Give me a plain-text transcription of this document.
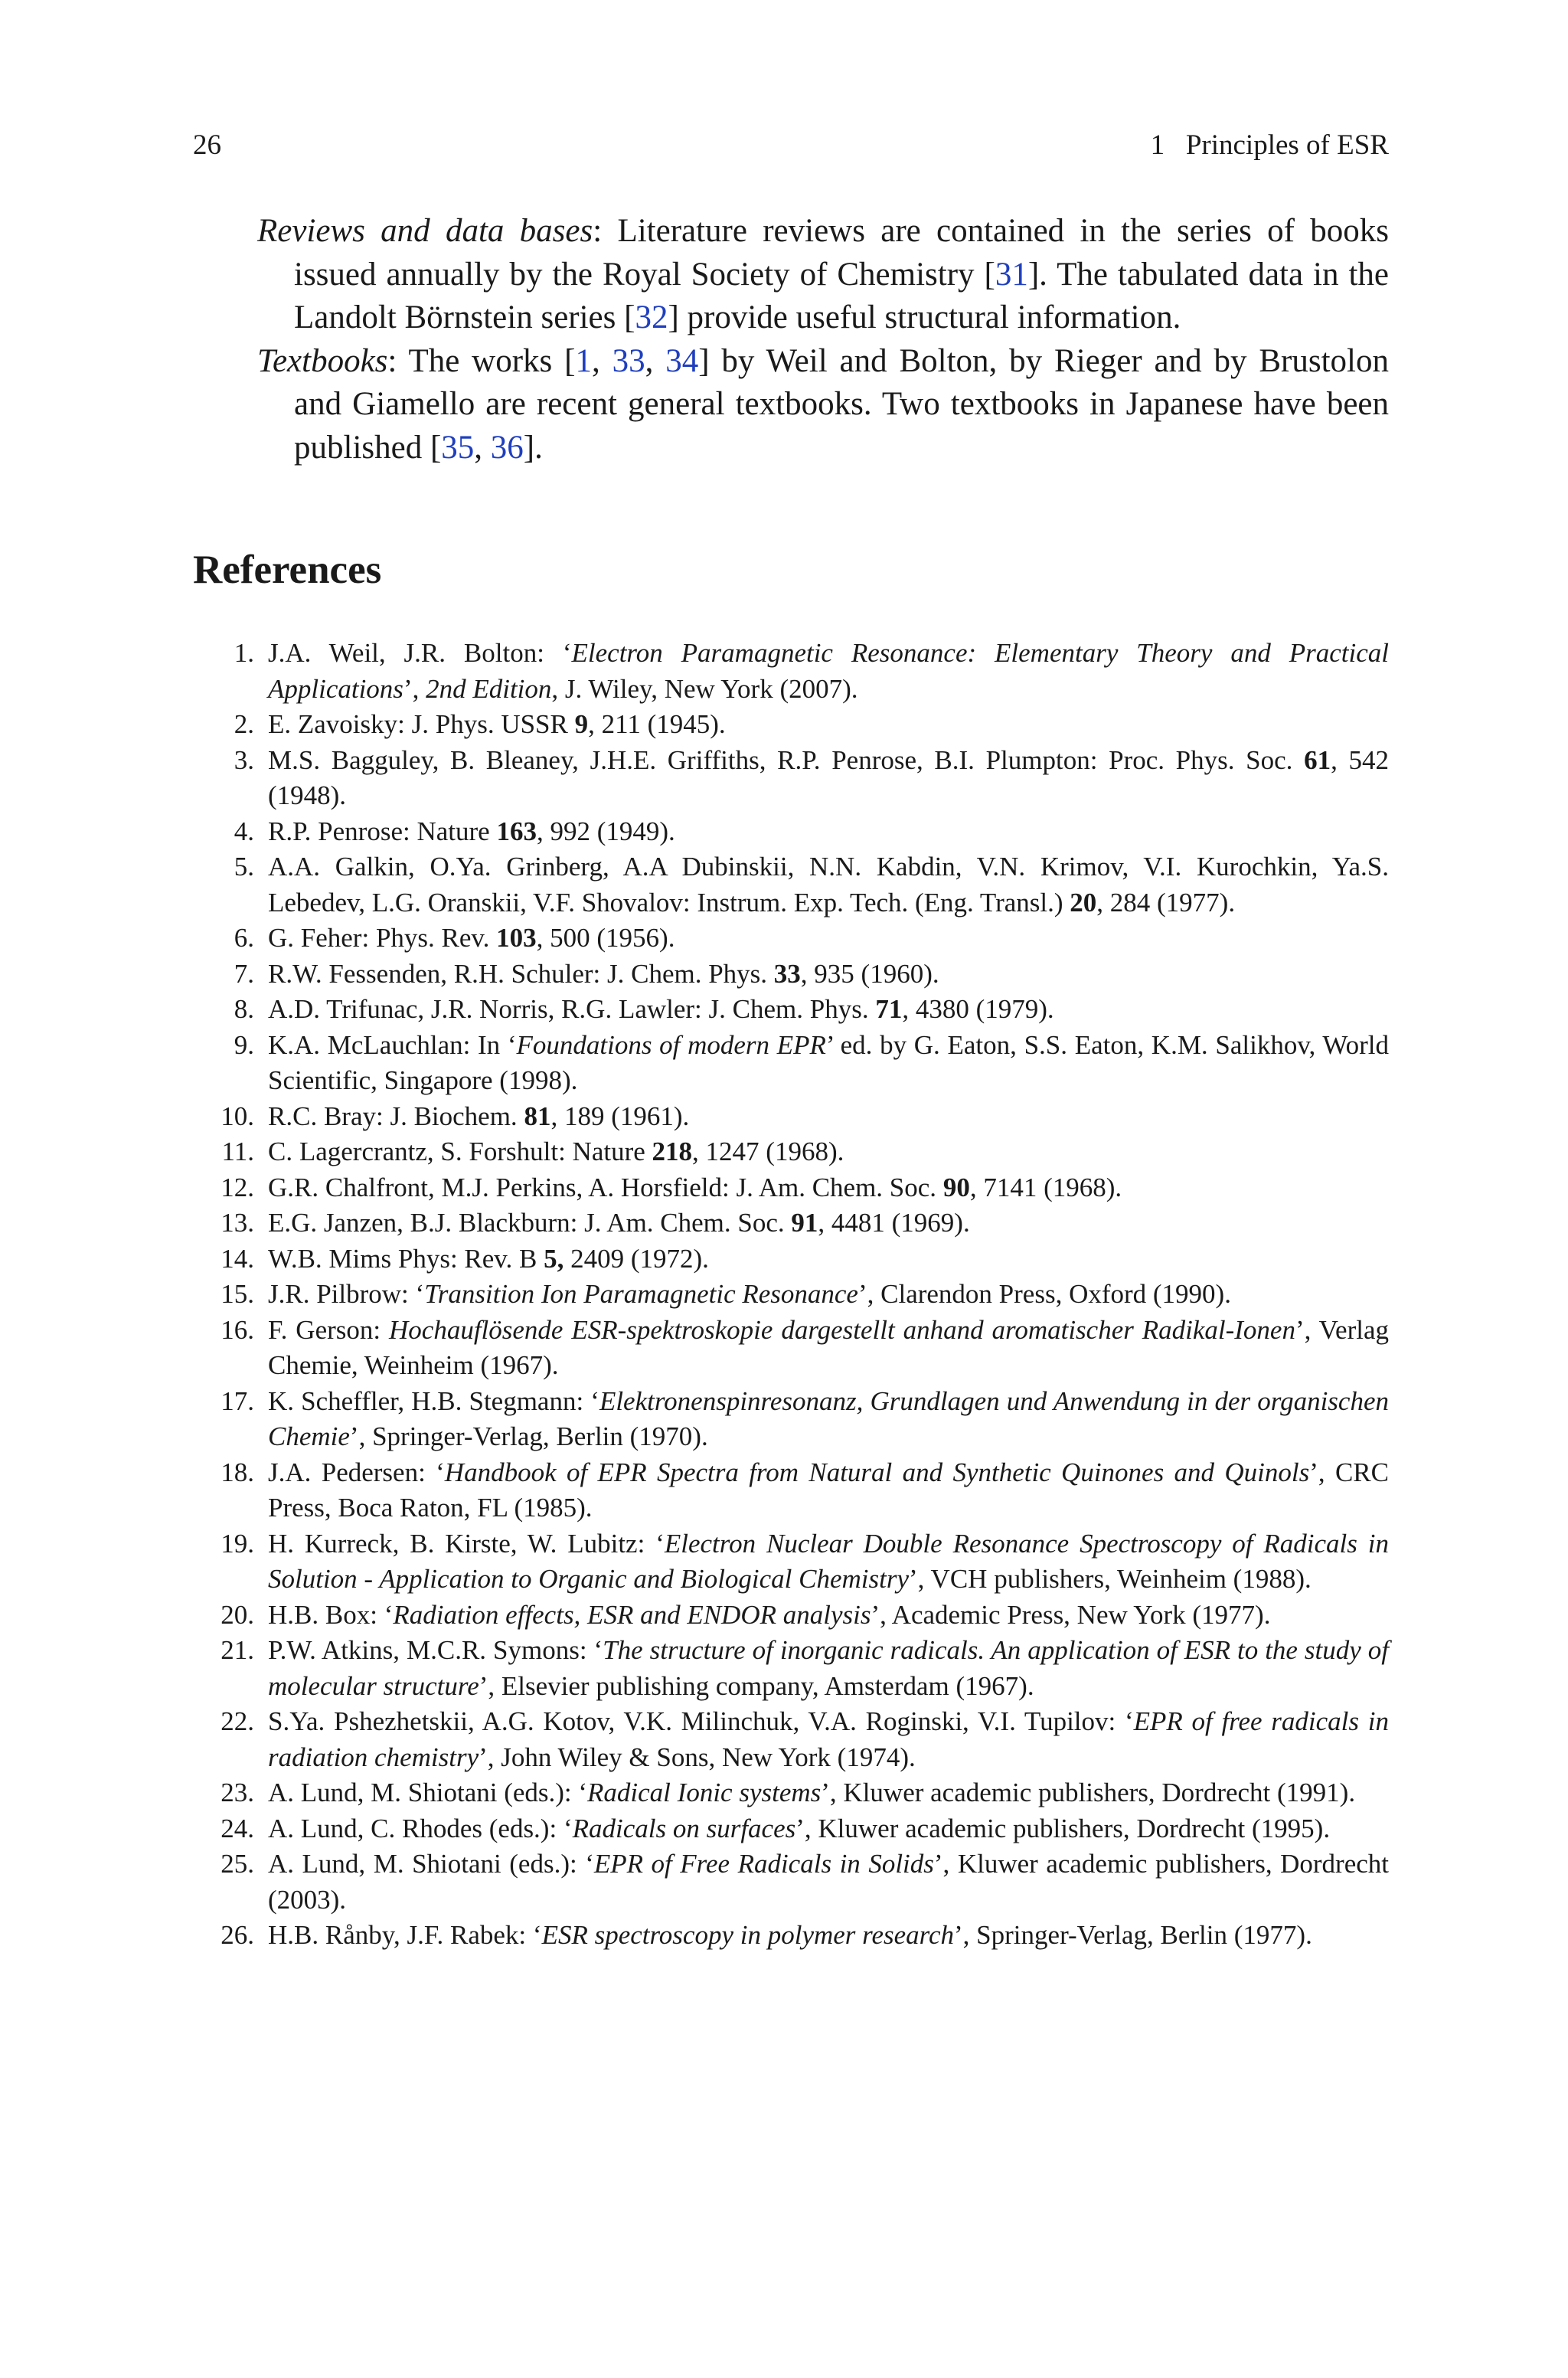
26	1   Principles of ESR

Reviews and data bases: Literature reviews are contained in the series of books issued annually by the Royal Society of Chemistry [31]. The tabulated data in the Landolt Börnstein series [32] provide useful structural information.

Textbooks: The works [1, 33, 34] by Weil and Bolton, by Rieger and by Brustolon and Giamello are recent general textbooks. Two textbooks in Japanese have been published [35, 36].

References
1. J.A. Weil, J.R. Bolton: ‘Electron Paramagnetic Resonance: Elementary Theory and Practical Applications’, 2nd Edition, J. Wiley, New York (2007).
2. E. Zavoisky: J. Phys. USSR 9, 211 (1945).
3. M.S. Bagguley, B. Bleaney, J.H.E. Griffiths, R.P. Penrose, B.I. Plumpton: Proc. Phys. Soc. 61, 542 (1948).
4. R.P. Penrose: Nature 163, 992 (1949).
5. A.A. Galkin, O.Ya. Grinberg, A.A Dubinskii, N.N. Kabdin, V.N. Krimov, V.I. Kurochkin, Ya.S. Lebedev, L.G. Oranskii, V.F. Shovalov: Instrum. Exp. Tech. (Eng. Transl.) 20, 284 (1977).
6. G. Feher: Phys. Rev. 103, 500 (1956).
7. R.W. Fessenden, R.H. Schuler: J. Chem. Phys. 33, 935 (1960).
8. A.D. Trifunac, J.R. Norris, R.G. Lawler: J. Chem. Phys. 71, 4380 (1979).
9. K.A. McLauchlan: In ‘Foundations of modern EPR’ ed. by G. Eaton, S.S. Eaton, K.M. Salikhov, World Scientific, Singapore (1998).
10. R.C. Bray: J. Biochem. 81, 189 (1961).
11. C. Lagercrantz, S. Forshult: Nature 218, 1247 (1968).
12. G.R. Chalfront, M.J. Perkins, A. Horsfield: J. Am. Chem. Soc. 90, 7141 (1968).
13. E.G. Janzen, B.J. Blackburn: J. Am. Chem. Soc. 91, 4481 (1969).
14. W.B. Mims Phys: Rev. B 5, 2409 (1972).
15. J.R. Pilbrow: ‘Transition Ion Paramagnetic Resonance’, Clarendon Press, Oxford (1990).
16. F. Gerson: Hochauflösende ESR-spektroskopie dargestellt anhand aromatischer Radikal-Ionen’, Verlag Chemie, Weinheim (1967).
17. K. Scheffler, H.B. Stegmann: ‘Elektronenspinresonanz, Grundlagen und Anwendung in der organischen Chemie’, Springer-Verlag, Berlin (1970).
18. J.A. Pedersen: ‘Handbook of EPR Spectra from Natural and Synthetic Quinones and Quinols’, CRC Press, Boca Raton, FL (1985).
19. H. Kurreck, B. Kirste, W. Lubitz: ‘Electron Nuclear Double Resonance Spectroscopy of Radicals in Solution - Application to Organic and Biological Chemistry’, VCH publishers, Weinheim (1988).
20. H.B. Box: ‘Radiation effects, ESR and ENDOR analysis’, Academic Press, New York (1977).
21. P.W. Atkins, M.C.R. Symons: ‘The structure of inorganic radicals. An application of ESR to the study of molecular structure’, Elsevier publishing company, Amsterdam (1967).
22. S.Ya. Pshezhetskii, A.G. Kotov, V.K. Milinchuk, V.A. Roginski, V.I. Tupilov: ‘EPR of free radicals in radiation chemistry’, John Wiley & Sons, New York (1974).
23. A. Lund, M. Shiotani (eds.): ‘Radical Ionic systems’, Kluwer academic publishers, Dordrecht (1991).
24. A. Lund, C. Rhodes (eds.): ‘Radicals on surfaces’, Kluwer academic publishers, Dordrecht (1995).
25. A. Lund, M. Shiotani (eds.): ‘EPR of Free Radicals in Solids’, Kluwer academic publishers, Dordrecht (2003).
26. H.B. Rånby, J.F. Rabek: ‘ESR spectroscopy in polymer research’, Springer-Verlag, Berlin (1977).
